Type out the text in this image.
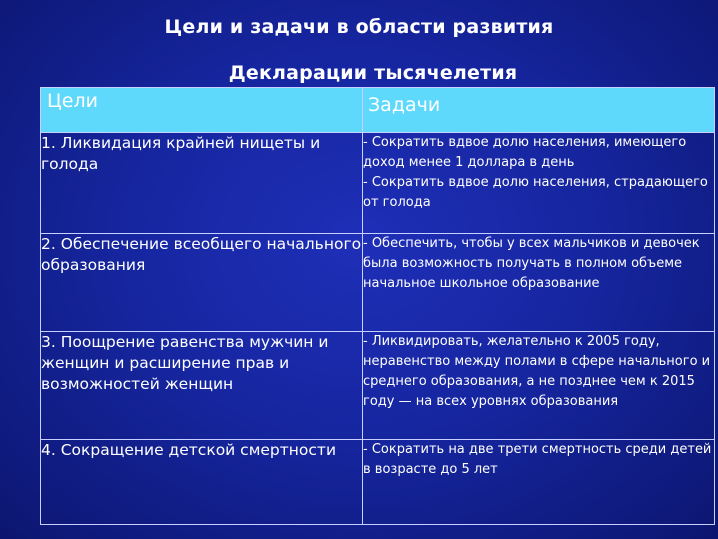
Цели и задачи в области развития
Декларации тысячелетия
Цели	Задачи
1. Ликвидация крайней нищеты и голода	- Сократить вдвое долю населения, имеющего доход менее 1 доллара в день
- Сократить вдвое долю населения, страдающего от голода

2. Обеспечение всеобщего начального образования	- Обеспечить, чтобы у всех мальчиков и девочек была возможность получать в полном объеме начальное школьное образование

3. Поощрение равенства мужчин и женщин и расширение прав и возможностей женщин	- Ликвидировать, желательно к 2005 году, неравенство между полами в сфере начального и среднего образования, а не позднее чем к 2015 году — на всех уровнях образования

4. Сокращение детской смертности	- Сократить на две трети смертность среди детей в возрасте до 5 лет
